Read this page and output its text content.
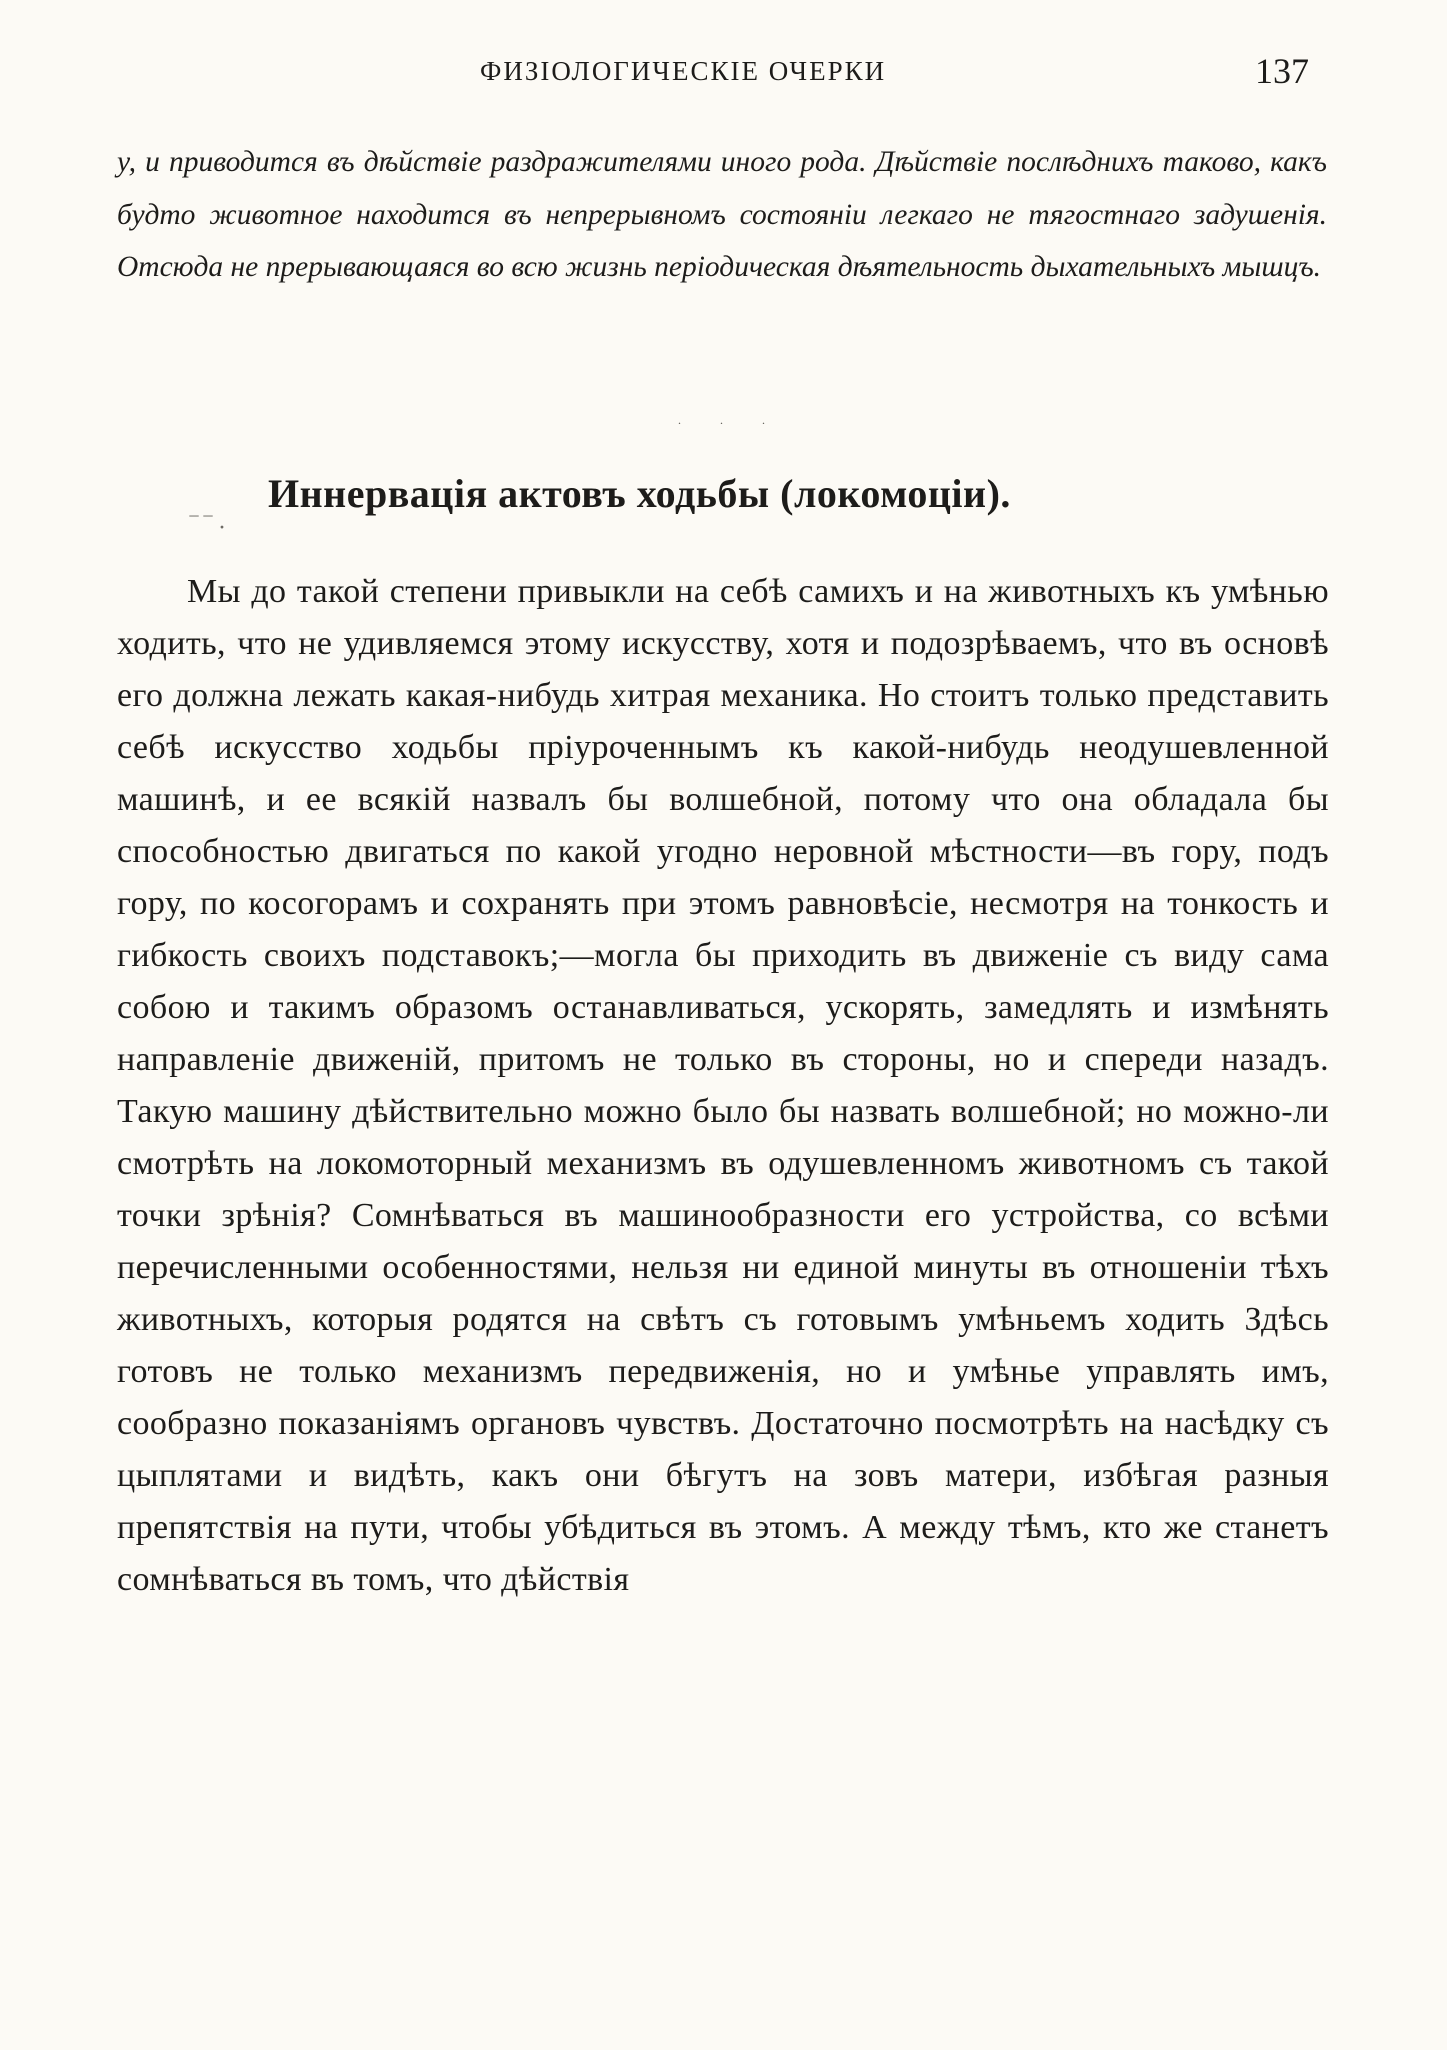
ФИЗІОЛОГИЧЕСКІЕ ОЧЕРКИ	137
у, и приводится въ дѣйствіе раздражителями иного рода. Дѣйствіе послѣднихъ таково, какъ будто животное находится въ непрерывномъ состояніи легкаго не тягостнаго задушенія. Отсюда не прерывающаяся во всю жизнь періодическая дѣятельность дыхательныхъ мышцъ.
. . .
‾ ‾ ·
Иннервація актовъ ходьбы (локомоціи).

Мы до такой степени привыкли на себѣ самихъ и на животныхъ къ умѣнью ходить, что не удивляемся этому искусству, хотя и подозрѣваемъ, что въ основѣ его должна лежать какая-нибудь хитрая механика. Но стоитъ только представить себѣ искусство ходьбы пріуроченнымъ къ какой-нибудь неодушевленной машинѣ, и ее всякій назвалъ бы волшебной, потому что она обладала бы способностью двигаться по какой угодно неровной мѣстности—въ гору, подъ гору, по косогорамъ и сохранять при этомъ равновѣсіе, несмотря на тонкость и гибкость своихъ подставокъ;—могла бы приходить въ движеніе съ виду сама собою и такимъ образомъ останавливаться, ускорять, замедлять и измѣнять направленіе движеній, притомъ не только въ стороны, но и спереди назадъ. Такую машину дѣйствительно можно было бы назвать волшебной; но можно-ли смотрѣть на локомоторный механизмъ въ одушевленномъ животномъ съ такой точки зрѣнія? Сомнѣваться въ машинообразности его устройства, со всѣми перечисленными особенностями, нельзя ни единой минуты въ отношеніи тѣхъ животныхъ, которыя родятся на свѣтъ съ готовымъ умѣньемъ ходить Здѣсь готовъ не только механизмъ передвиженія, но и умѣнье управлять имъ, сообразно показаніямъ органовъ чувствъ. Достаточно посмотрѣть на насѣдку съ цыплятами и видѣть, какъ они бѣгутъ на зовъ матери, избѣгая разныя препятствія на пути, чтобы убѣдиться въ этомъ. А между тѣмъ, кто же станетъ сомнѣваться въ томъ, что дѣйствія
